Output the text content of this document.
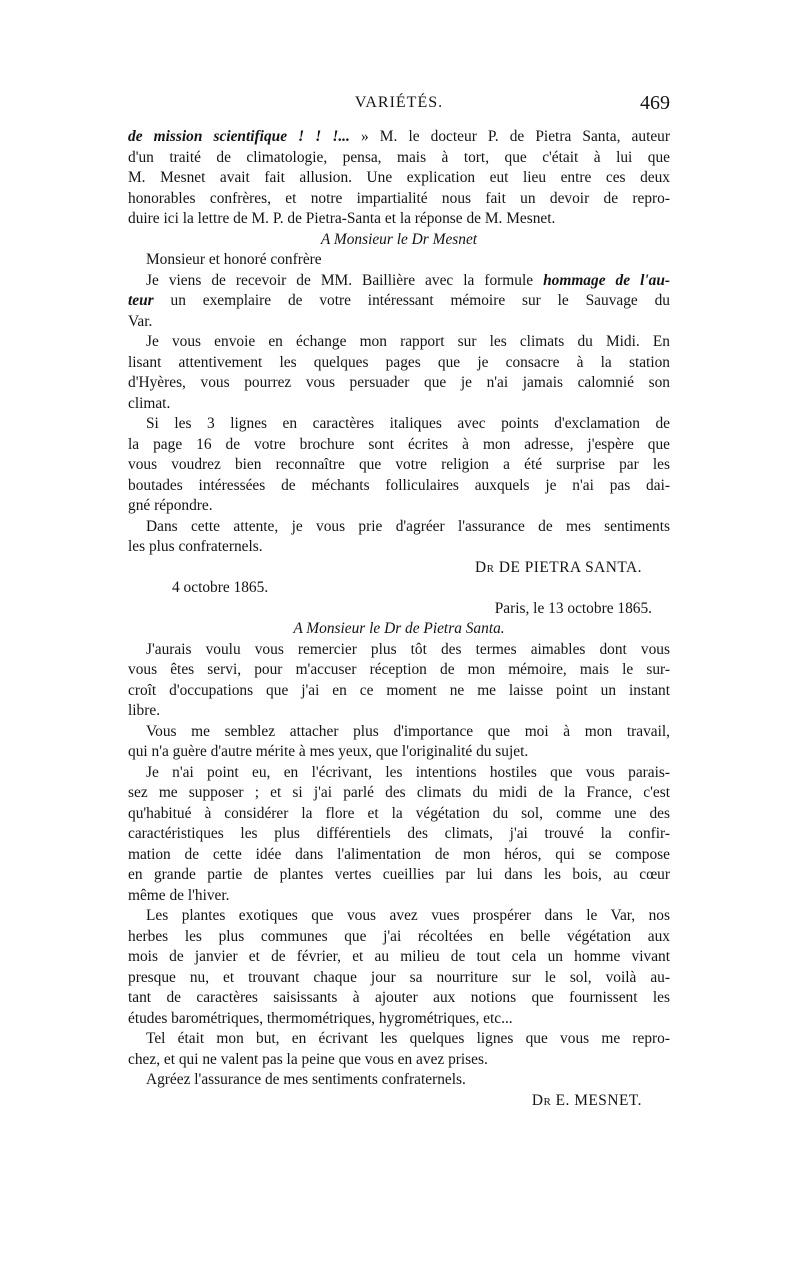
VARIÉTÉS.	469
de mission scientifique ! ! !... » M. le docteur P. de Pietra Santa, auteur
d'un traité de climatologie, pensa, mais à tort, que c'était à lui que
M. Mesnet avait fait allusion. Une explication eut lieu entre ces deux
honorables confrères, et notre impartialité nous fait un devoir de repro-
duire ici la lettre de M. P. de Pietra-Santa et la réponse de M. Mesnet.
A Monsieur le Dr Mesnet
Monsieur et honoré confrère
Je viens de recevoir de MM. Baillière avec la formule hommage de l'au-
teur un exemplaire de votre intéressant mémoire sur le Sauvage du
Var.
Je vous envoie en échange mon rapport sur les climats du Midi. En
lisant attentivement les quelques pages que je consacre à la station
d'Hyères, vous pourrez vous persuader que je n'ai jamais calomnié son
climat.
Si les 3 lignes en caractères italiques avec points d'exclamation de
la page 16 de votre brochure sont écrites à mon adresse, j'espère que
vous voudrez bien reconnaître que votre religion a été surprise par les
boutades intéressées de méchants folliculaires auxquels je n'ai pas dai-
gné répondre.
Dans cette attente, je vous prie d'agréer l'assurance de mes sentiments
les plus confraternels.
Dr DE PIETRA SANTA.
4 octobre 1865.
Paris, le 13 octobre 1865.
A Monsieur le Dr de Pietra Santa.
J'aurais voulu vous remercier plus tôt des termes aimables dont vous
vous êtes servi, pour m'accuser réception de mon mémoire, mais le sur-
croît d'occupations que j'ai en ce moment ne me laisse point un instant
libre.
Vous me semblez attacher plus d'importance que moi à mon travail,
qui n'a guère d'autre mérite à mes yeux, que l'originalité du sujet.
Je n'ai point eu, en l'écrivant, les intentions hostiles que vous parais-
sez me supposer ; et si j'ai parlé des climats du midi de la France, c'est
qu'habitué à considérer la flore et la végétation du sol, comme une des
caractéristiques les plus différentiels des climats, j'ai trouvé la confir-
mation de cette idée dans l'alimentation de mon héros, qui se compose
en grande partie de plantes vertes cueillies par lui dans les bois, au cœur
même de l'hiver.
Les plantes exotiques que vous avez vues prospérer dans le Var, nos
herbes les plus communes que j'ai récoltées en belle végétation aux
mois de janvier et de février, et au milieu de tout cela un homme vivant
presque nu, et trouvant chaque jour sa nourriture sur le sol, voilà au-
tant de caractères saisissants à ajouter aux notions que fournissent les
études barométriques, thermométriques, hygrométriques, etc...
Tel était mon but, en écrivant les quelques lignes que vous me repro-
chez, et qui ne valent pas la peine que vous en avez prises.
Agréez l'assurance de mes sentiments confraternels.
Dr E. MESNET.
